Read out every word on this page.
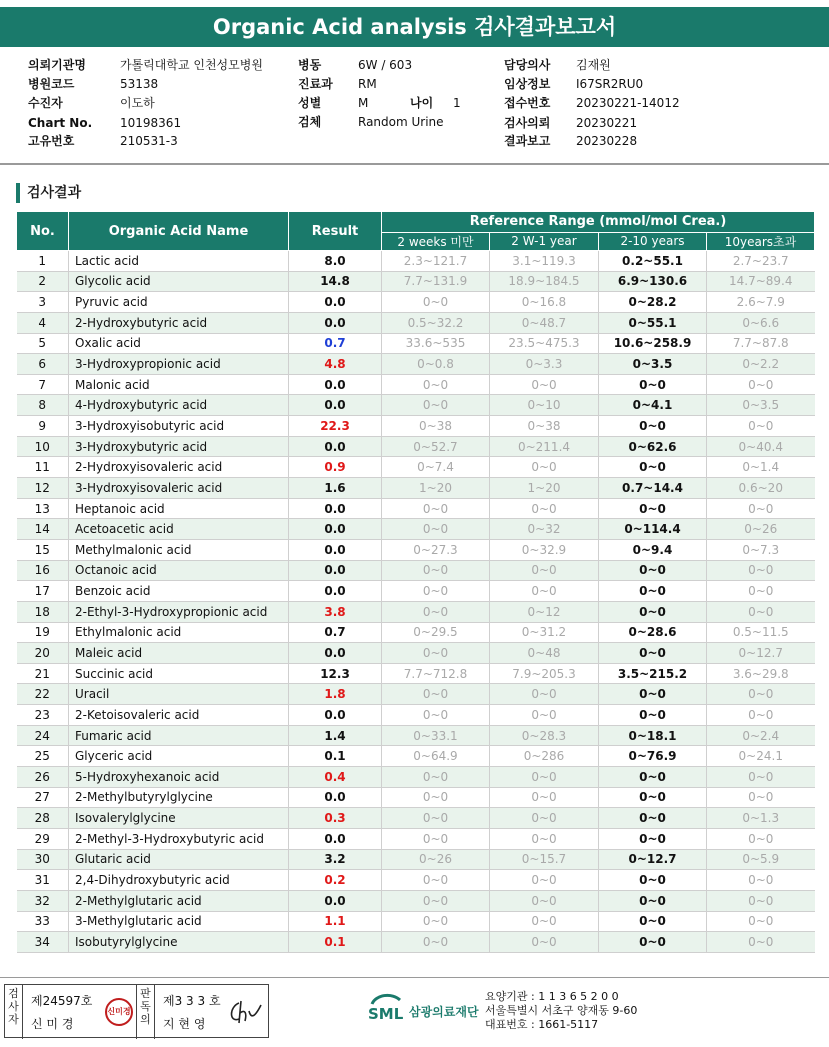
Organic Acid analysis 검사결과보고서
의뢰기관명	가톨릭대학교 인천성모병원
병원코드	53138
수진자	이도하
Chart No. 10198361
고유번호	210531-3
병동	6W / 603
진료과 RM
성별	M	나이 1
검체	Random Urine
담당의사 김재원
임상정보 I67SR2RU0
접수번호 20230221-14012
검사의뢰 20230221
결과보고 20230228
검사결과
No.	Organic Acid Name	Result	Reference Range (mmol/mol Crea.)			
			2 weeks 미만	2 W-1 year	2-10 years	10years초과
1	Lactic acid	8.0	2.3~121.7	3.1~119.3	0.2~55.1	2.7~23.7
2	Glycolic acid	14.8	7.7~131.9	18.9~184.5	6.9~130.6	14.7~89.4
3	Pyruvic acid	0.0	0~0	0~16.8	0~28.2	2.6~7.9
4	2-Hydroxybutyric acid	0.0	0.5~32.2	0~48.7	0~55.1	0~6.6
5	Oxalic acid	0.7	33.6~535	23.5~475.3	10.6~258.9	7.7~87.8
6	3-Hydroxypropionic acid	4.8	0~0.8	0~3.3	0~3.5	0~2.2
7	Malonic acid	0.0	0~0	0~0	0~0	0~0
8	4-Hydroxybutyric acid	0.0	0~0	0~10	0~4.1	0~3.5
9	3-Hydroxyisobutyric acid	22.3	0~38	0~38	0~0	0~0
10	3-Hydroxybutyric acid	0.0	0~52.7	0~211.4	0~62.6	0~40.4
11	2-Hydroxyisovaleric acid	0.9	0~7.4	0~0	0~0	0~1.4
12	3-Hydroxyisovaleric acid	1.6	1~20	1~20	0.7~14.4	0.6~20
13	Heptanoic acid	0.0	0~0	0~0	0~0	0~0
14	Acetoacetic acid	0.0	0~0	0~32	0~114.4	0~26
15	Methylmalonic acid	0.0	0~27.3	0~32.9	0~9.4	0~7.3
16	Octanoic acid	0.0	0~0	0~0	0~0	0~0
17	Benzoic acid	0.0	0~0	0~0	0~0	0~0
18	2-Ethyl-3-Hydroxypropionic acid	3.8	0~0	0~12	0~0	0~0
19	Ethylmalonic acid	0.7	0~29.5	0~31.2	0~28.6	0.5~11.5
20	Maleic acid	0.0	0~0	0~48	0~0	0~12.7
21	Succinic acid	12.3	7.7~712.8	7.9~205.3	3.5~215.2	3.6~29.8
22	Uracil	1.8	0~0	0~0	0~0	0~0
23	2-Ketoisovaleric acid	0.0	0~0	0~0	0~0	0~0
24	Fumaric acid	1.4	0~33.1	0~28.3	0~18.1	0~2.4
25	Glyceric acid	0.1	0~64.9	0~286	0~76.9	0~24.1
26	5-Hydroxyhexanoic acid	0.4	0~0	0~0	0~0	0~0
27	2-Methylbutyrylglycine	0.0	0~0	0~0	0~0	0~0
28	Isovalerylglycine	0.3	0~0	0~0	0~0	0~1.3
29	2-Methyl-3-Hydroxybutyric acid	0.0	0~0	0~0	0~0	0~0
30	Glutaric acid	3.2	0~26	0~15.7	0~12.7	0~5.9
31	2,4-Dihydroxybutyric acid	0.2	0~0	0~0	0~0	0~0
32	2-Methylglutaric acid	0.0	0~0	0~0	0~0	0~0
33	3-Methylglutaric acid	1.1	0~0	0~0	0~0	0~0
34	Isobutyrylglycine	0.1	0~0	0~0	0~0	0~0
검사자
제24597호
신 미 경
신미경
판독의
제3 3 3 호
지 현 영
SML 삼광의료재단
요양기관 : 1 1 3 6 5 2 0 0
서울특별시 서초구 양재동 9-60
대표번호 : 1661-5117
